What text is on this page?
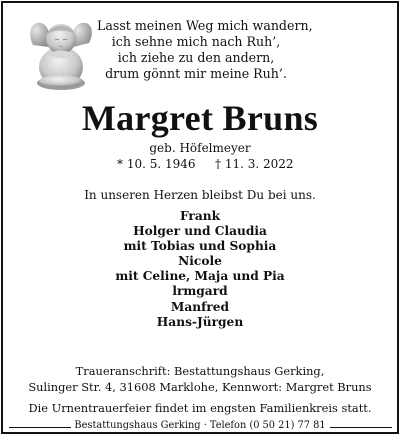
Lasst meinen Weg mich wandern,
ich sehne mich nach Ruh’,
ich ziehe zu den andern,
drum gönnt mir meine Ruh’.
Margret Bruns
geb. Höfelmeyer
* 10. 5. 1946 † 11. 3. 2022
In unseren Herzen bleibst Du bei uns.
Frank
Holger und Claudia
mit Tobias und Sophia
Nicole
mit Celine, Maja und Pia
lrmgard
Manfred
Hans-Jürgen
Traueranschrift: Bestattungshaus Gerking,
Sulinger Str. 4, 31608 Marklohe, Kennwort: Margret Bruns
Die Urnentrauerfeier findet im engsten Familienkreis statt.
Bestattungshaus Gerking · Telefon (0 50 21) 77 81
